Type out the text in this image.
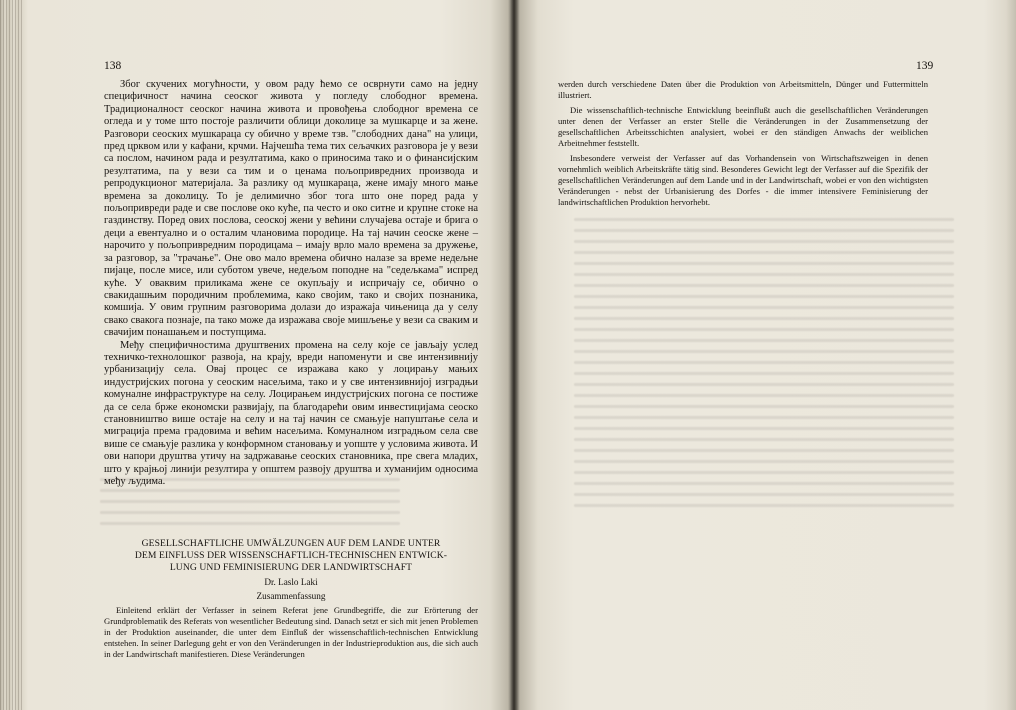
138

Због скучених могућности, у овом раду ћемо се осврнути само на једну специфичност начина сеоског живота у погледу слободног времена. Традиционалност сеоског начина живота и провођења слободног времена се огледа и у томе што постоје различити облици доколице за мушкарце и за жене. Разговори сеоских мушкараца су обично у време тзв. "слободних дана" на улици, пред црквом или у кафани, крчми. Најчешћа тема тих сељачких разговора је у вези са послом, начином рада и резултатима, како о приносима тако и о финансијским резултатима, па у вези са тим и о ценама пољопривредних производа и репродукционог материјала. За разлику од мушкараца, жене имају много мање времена за доколицу. То је делимично због тога што оне поред рада у пољопривреди раде и све послове око куће, па често и око ситне и крупне стоке на газдинству. Поред ових послова, сеоској жени у већини случајева остаје и брига о деци а евентуално и о осталим члановима породице. На тај начин сеоске жене – нарочито у пољопривредним породицама – имају врло мало времена за дружење, за разговор, за "трачање". Оне ово мало времена обично налазе за време недељне пијаце, после мисе, или суботом увече, недељом поподне на "седељкама" испред куће. У оваквим приликама жене се окупљају и испричају се, обично о свакидашњим породичним проблемима, како својим, тако и својих познаника, комшија. У овим групним разговорима долази до изражаја чињеница да у селу свако свакога познаје, па тако може да изражава своје мишљење у вези са сваким и свачијим понашањем и поступцима.

Међу специфичностима друштвених промена на селу које се јављају услед техничко-технолошког развоја, на крају, вреди напоменути и све интензивнију урбанизацију села. Овај процес се изражава како у лоцирању мањих индустријских погона у сеоским насељима, тако и у све интензивнијој изградњи комуналне инфраструктуре на селу. Лоцирањем индустријских погона се постиже да се села брже економски развијају, па благодарећи овим инвестицијама сеоско становништво више остаје на селу и на тај начин се смањује напуштање села и миграција према градовима и већим насељима. Комуналном изградњом села све више се смањује разлика у конформном становању и уопште у условима живота. И ови напори друштва утичу на задржавање сеоских становника, пре свега младих, што у крајњој линији резултира у општем развоју друштва и хуманијим односима међу људима.

GESELLSCHAFTLICHE UMWÄLZUNGEN AUF DEM LANDE UNTER
DEM EINFLUSS DER WISSENSCHAFTLICH-TECHNISCHEN ENTWICK-
LUNG UND FEMINISIERUNG DER LANDWIRTSCHAFT
Dr. Laslo Laki
Zusammenfassung

Einleitend erklärt der Verfasser in seinem Referat jene Grundbegriffe, die zur Erörterung der Grundproblematik des Referats von wesentlicher Bedeutung sind. Danach setzt er sich mit jenen Problemen in der Produktion auseinander, die unter dem Einfluß der wissenschaftlich-technischen Entwicklung entstehen. In seiner Darlegung geht er von den Veränderungen in der Industrieproduktion aus, die sich auch in der Landwirtschaft manifestieren. Diese Veränderungen

139

werden durch verschiedene Daten über die Produktion von Arbeitsmitteln, Dünger und Futtermitteln illustriert.

Die wissenschaftlich-technische Entwicklung beeinflußt auch die gesellschaftlichen Veränderungen unter denen der Verfasser an erster Stelle die Veränderungen in der Zusammensetzung der gesellschaftlichen Arbeitsschichten analysiert, wobei er den ständigen Anwachs der weiblichen Arbeitnehmer feststellt.

Insbesondere verweist der Verfasser auf das Vorhandensein von Wirtschaftszweigen in denen vornehmlich weiblich Arbeitskräfte tätig sind. Besonderes Gewicht legt der Verfasser auf die Spezifik der gesellschaftlichen Veränderungen auf dem Lande und in der Landwirtschaft, wobei er von den wichtigsten Veränderungen - nebst der Urbanisierung des Dorfes - die immer intensivere Feminisierung der landwirtschaftlichen Produktion hervorhebt.
